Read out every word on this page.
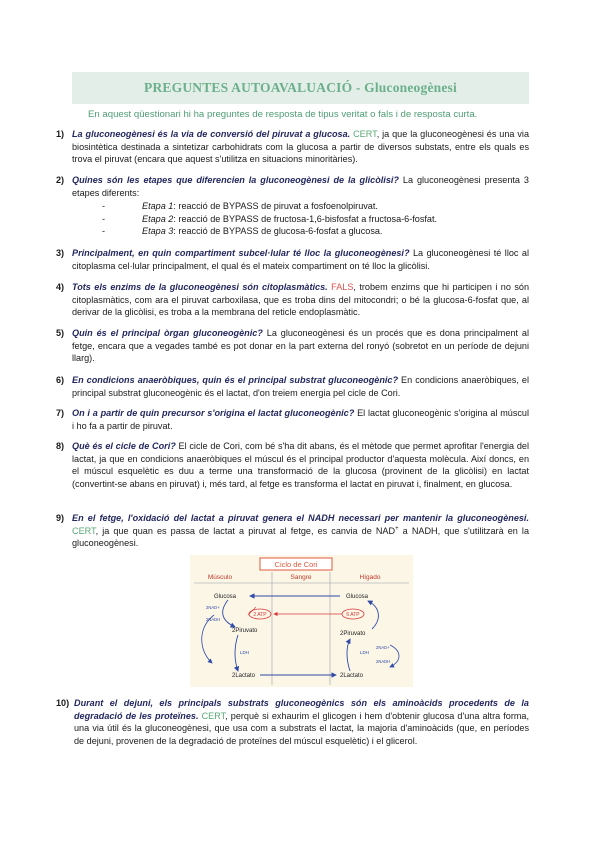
PREGUNTES AUTOAVALUACIÓ - Gluconeogènesi
En aquest qüestionari hi ha preguntes de resposta de tipus veritat o fals i de resposta curta.
1) La gluconeogènesi és la via de conversió del piruvat a glucosa. CERT, ja que la gluconeogènesi és una via biosintètica destinada a sintetizar carbohidrats com la glucosa a partir de diversos substats, entre els quals es trova el piruvat (encara que aquest s'utilitza en situacions minoritàries).
2) Quines són les etapes que diferencien la gluconeogènesi de la glicòlisi? La gluconeogènesi presenta 3 etapes diferents:
-	Etapa 1: reacció de BYPASS de piruvat a fosfoenolpiruvat.
-	Etapa 2: reacció de BYPASS de fructosa-1,6-bisfosfat a fructosa-6-fosfat.
-	Etapa 3: reacció de BYPASS de glucosa-6-fosfat a glucosa.
3) Principalment, en quin compartiment subcel·lular té lloc la gluconeogènesi? La gluconeogènesi té lloc al citoplasma cel·lular principalment, el qual és el mateix compartiment on té lloc la glicòlisi.
4) Tots els enzims de la gluconeogènesi són citoplasmàtics. FALS, trobem enzims que hi participen i no són citoplasmàtics, com ara el piruvat carboxilasa, que es troba dins del mitocondri; o bé la glucosa-6-fosfat que, al derivar de la glicòlisi, es troba a la membrana del reticle endoplasmàtic.
5) Quin és el principal òrgan gluconeogènic? La gluconeogènesi és un procés que es dona principalment al fetge, encara que a vegades també es pot donar en la part externa del ronyó (sobretot en un període de dejuni llarg).
6) En condicions anaeròbiques, quin és el principal substrat gluconeogènic? En condicions anaeròbiques, el principal substrat gluconeogènic és el lactat, d'on treiem energia pel cicle de Cori.
7) On i a partir de quin precursor s'origina el lactat gluconeogènic? El lactat gluconeogènic s'origina al múscul i ho fa a partir de piruvat.
8) Què és el cicle de Cori? El cicle de Cori, com bé s'ha dit abans, és el mètode que permet aprofitar l'energia del lactat, ja que en condicions anaeròbiques el múscul és el principal productor d'aquesta molècula. Així doncs, en el múscul esquelètic es duu a terme una transformació de la glucosa (provinent de la glicòlisi) en lactat (convertint-se abans en piruvat) i, més tard, al fetge es transforma el lactat en piruvat i, finalment, en glucosa.
9) En el fetge, l'oxidació del lactat a piruvat genera el NADH necessari per mantenir la gluconeogènesi. CERT, ja que quan es passa de lactat a piruvat al fetge, es canvia de NAD+ a NADH, que s'utilitzarà en la gluconeogènesi.
Ciclo de Cori
Músculo	Sangre	Hígado
Glucosa
2Piruvato
2Lactato
2NAD+
2NADH
LDH
2 ATP
Glucosa
2Piruvato
2Lactato
2NAD+
2NADH
LDH
6 ATP
10) Durant el dejuni, els principals substrats gluconeogènics són els aminoàcids procedents de la degradació de les proteïnes. CERT, perquè si exhaurim el glicogen i hem d'obtenir glucosa d'una altra forma, una via útil és la gluconeogènesi, que usa com a substrats el lactat, la majoria d'aminoàcids (que, en períodes de dejuni, provenen de la degradació de proteïnes del múscul esquelètic) i el glicerol.
